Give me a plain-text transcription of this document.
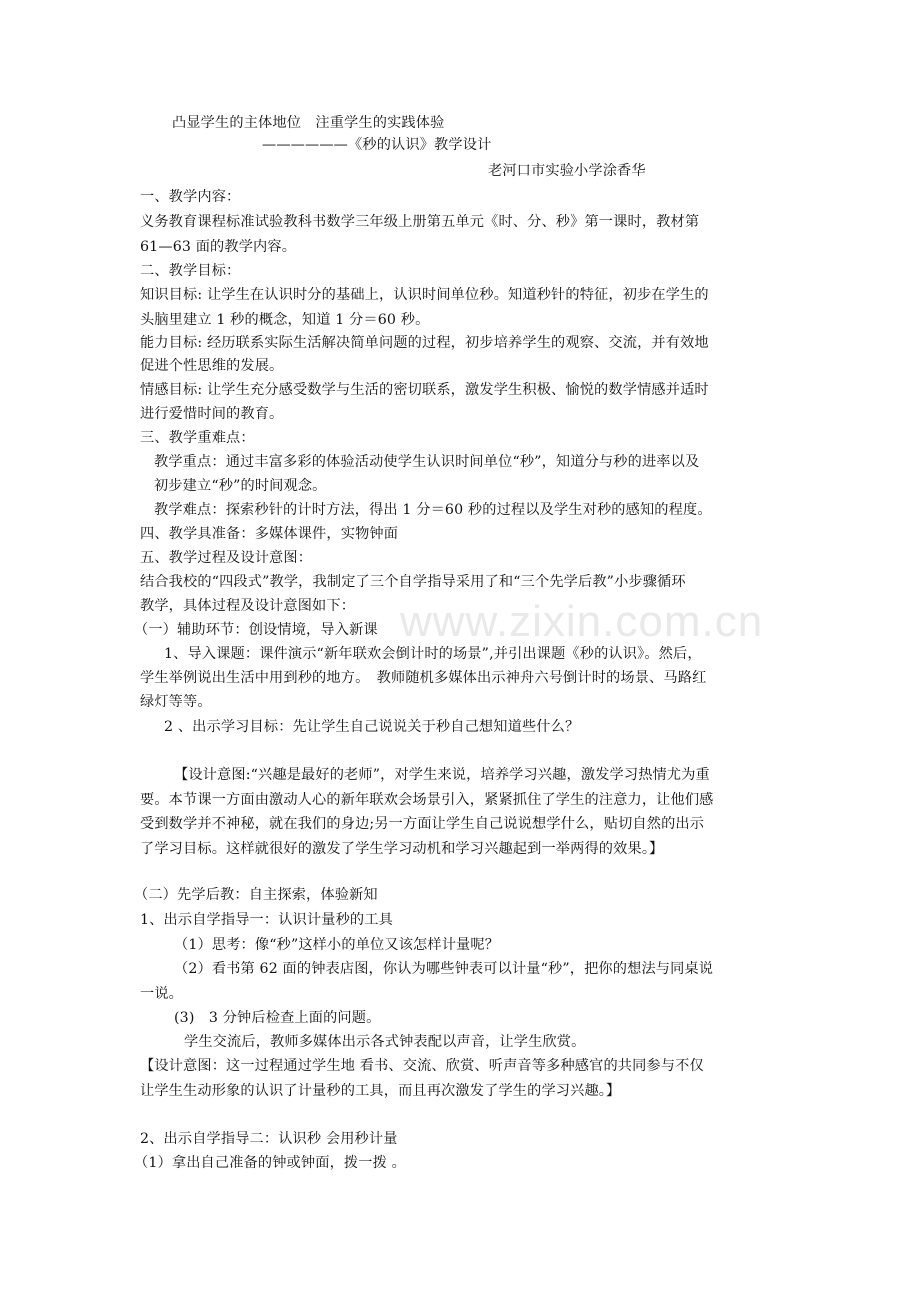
www.zixin.com.cn

凸显学生的主体地位　注重学生的实践体验

——————《秒的认识》教学设计

老河口市实验小学涂香华

一、教学内容：

义务教育课程标准试验教科书数学三年级上册第五单元《时、分、秒》第一课时，教材第

61—63 面的教学内容。

二、教学目标：

知识目标: 让学生在认识时分的基础上，认识时间单位秒。知道秒针的特征，初步在学生的

头脑里建立 1 秒的概念，知道 1 分＝60 秒。

能力目标: 经历联系实际生活解决简单问题的过程，初步培养学生的观察、交流，并有效地

促进个性思维的发展。

情感目标: 让学生充分感受数学与生活的密切联系，激发学生积极、愉悦的数学情感并适时

进行爱惜时间的教育。

三、教学重难点：

教学重点：通过丰富多彩的体验活动使学生认识时间单位“秒”，知道分与秒的进率以及

初步建立“秒”的时间观念。

教学难点：探索秒针的计时方法，得出 1 分＝60 秒的过程以及学生对秒的感知的程度。

四、教学具准备：多媒体课件，实物钟面

五、教学过程及设计意图：

结合我校的“四段式”教学，我制定了三个自学指导采用了和“三个先学后教”小步骤循环

教学，具体过程及设计意图如下：

（一）辅助环节：创设情境，导入新课

1、导入课题：课件演示“新年联欢会倒计时的场景”,并引出课题《秒的认识》。然后，

学生举例说出生活中用到秒的地方。　教师随机多媒体出示神舟六号倒计时的场景、马路红

绿灯等等。

2 、出示学习目标：先让学生自己说说关于秒自己想知道些什么？

【设计意图:“兴趣是最好的老师”，对学生来说，培养学习兴趣，激发学习热情尤为重

要。本节课一方面由激动人心的新年联欢会场景引入，紧紧抓住了学生的注意力，让他们感

受到数学并不神秘，就在我们的身边;另一方面让学生自己说说想学什么，贴切自然的出示

了学习目标。这样就很好的激发了学生学习动机和学习兴趣起到一举两得的效果。】

（二）先学后教：自主探索，体验新知

1、出示自学指导一：认识计量秒的工具

（1）思考：像“秒”这样小的单位又该怎样计量呢？

（2）看书第 62 面的钟表店图，你认为哪些钟表可以计量“秒”，把你的想法与同桌说

一说。

(3)　3 分钟后检查上面的问题。

学生交流后，教师多媒体出示各式钟表配以声音，让学生欣赏。

【设计意图：这一过程通过学生地 看书、交流、欣赏、听声音等多种感官的共同参与不仅

让学生生动形象的认识了计量秒的工具，而且再次激发了学生的学习兴趣。】

2、出示自学指导二：认识秒 会用秒计量

（1）拿出自己准备的钟或钟面，拨一拨 。
